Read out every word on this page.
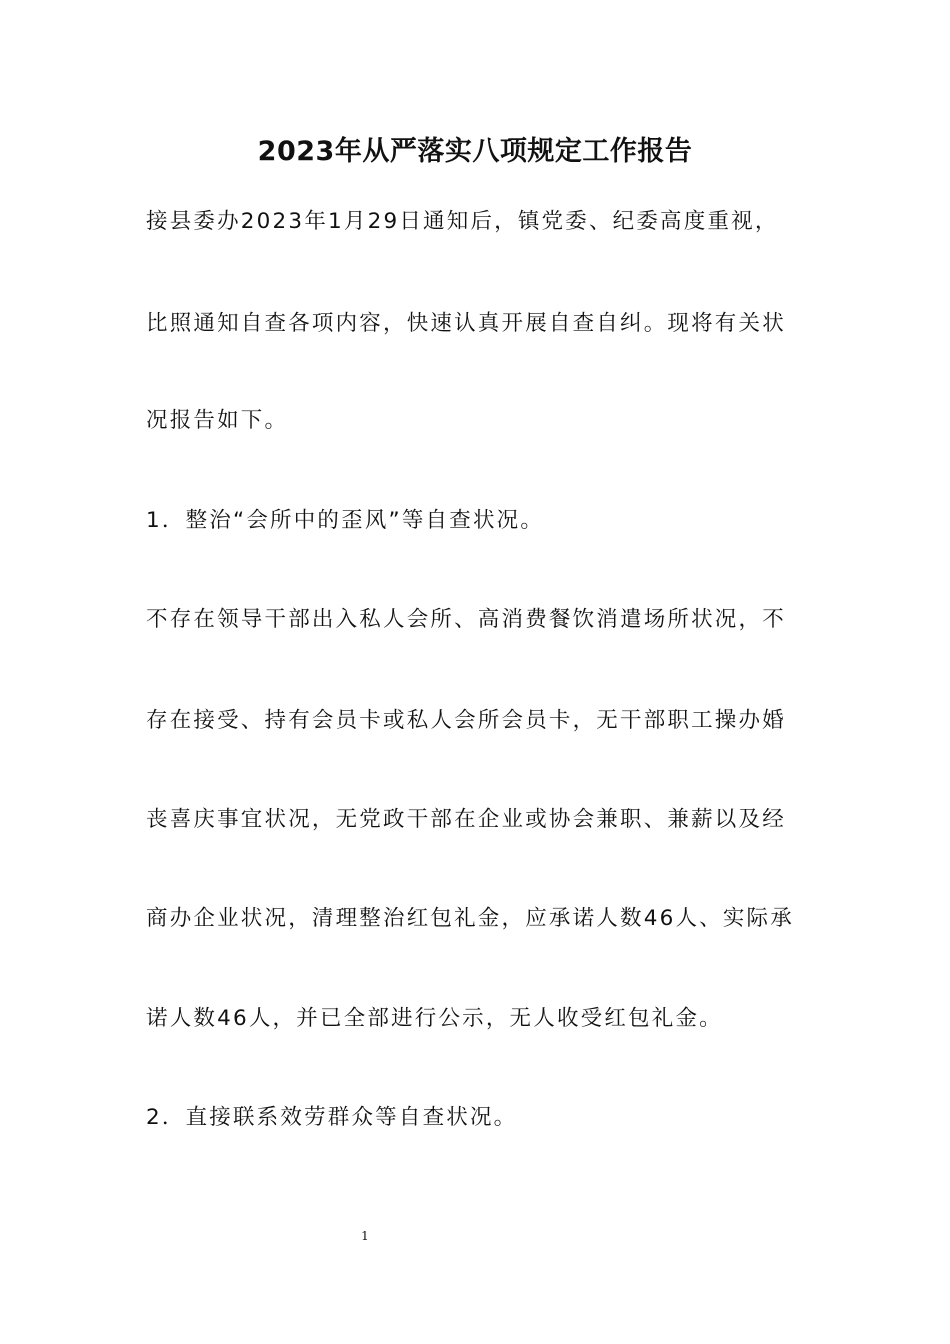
2023年从严落实八项规定工作报告
接县委办2023年1月29日通知后，镇党委、纪委高度重视，
比照通知自查各项内容，快速认真开展自查自纠。现将有关状
况报告如下。
1．整治“会所中的歪风”等自查状况。
不存在领导干部出入私人会所、高消费餐饮消遣场所状况，不
存在接受、持有会员卡或私人会所会员卡，无干部职工操办婚
丧喜庆事宜状况，无党政干部在企业或协会兼职、兼薪以及经
商办企业状况，清理整治红包礼金，应承诺人数46人、实际承
诺人数46人，并已全部进行公示，无人收受红包礼金。
2．直接联系效劳群众等自查状况。
1
